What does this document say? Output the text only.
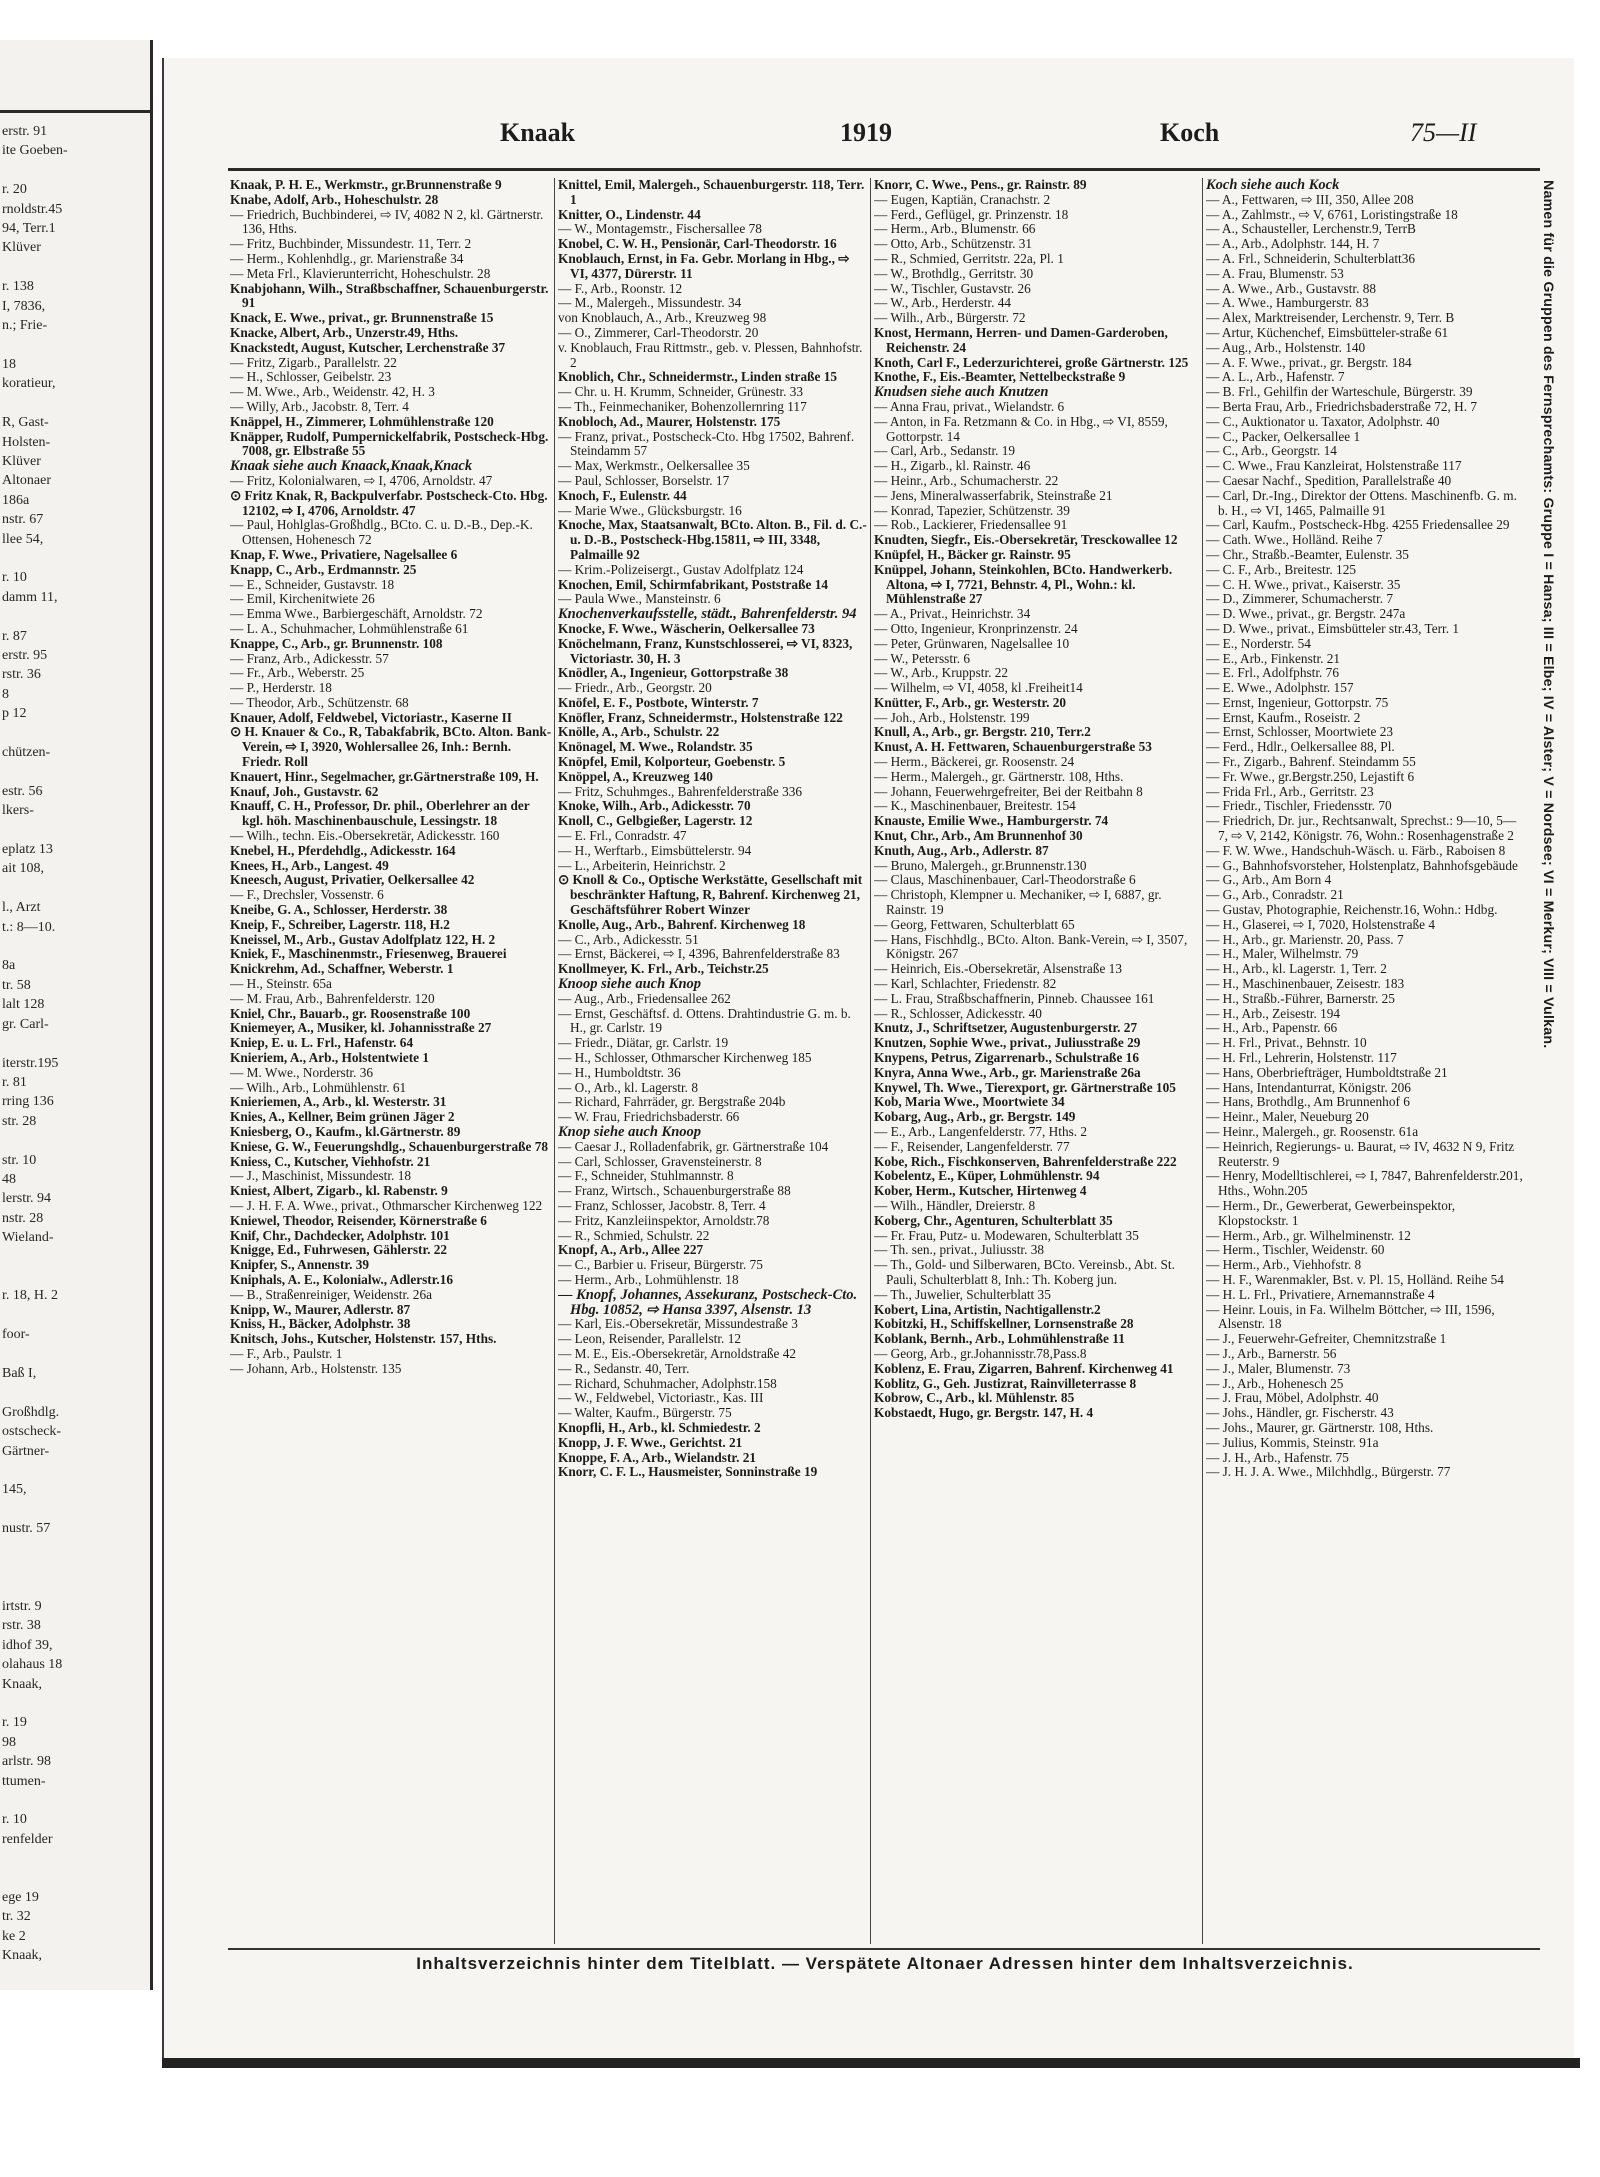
erstr. 91
ite Goeben-

r. 20
rnoldstr.45
94, Terr.1
Klüver

r. 138
I, 7836,
n.; Frie-

18
koratieur,

R, Gast-
Holsten-
Klüver
Altonaer
186a
nstr. 67
llee 54,

r. 10
damm 11,

r. 87
erstr. 95
rstr. 36
8
p 12

chützen-

estr. 56
lkers-

eplatz 13
ait 108,

l., Arzt
t.: 8—10.

8a
tr. 58
lalt 128
gr. Carl-

iterstr.195
r. 81
rring 136
str. 28

str. 10
48
lerstr. 94
nstr. 28
Wieland-

r. 18, H. 2

foor-

Baß I,

Großhdlg.
ostscheck-
Gärtner-

145,

nustr. 57

irtstr. 9
rstr. 38
idhof 39,
olahaus 18
Knaak,

r. 19
98
arlstr. 98
ttumen-

r. 10
renfelder

ege 19
tr. 32
ke 2
Knaak,
Knaak	1919	Koch	75—II

Knaak, P. H. E., Werkmstr., gr.Brunnenstraße 9

Knabe, Adolf, Arb., Hoheschulstr. 28

— Friedrich, Buchbinderei, ⇨ IV, 4082 N 2, kl. Gärtnerstr. 136, Hths.

— Fritz, Buchbinder, Missundestr. 11, Terr. 2

— Herm., Kohlenhdlg., gr. Marienstraße 34

— Meta Frl., Klavierunterricht, Hoheschulstr. 28

Knabjohann, Wilh., Straßbschaffner, Schauenburgerstr. 91

Knack, E. Wwe., privat., gr. Brunnenstraße 15

Knacke, Albert, Arb., Unzerstr.49, Hths.

Knackstedt, August, Kutscher, Lerchenstraße 37

— Fritz, Zigarb., Parallelstr. 22

— H., Schlosser, Geibelstr. 23

— M. Wwe., Arb., Weidenstr. 42, H. 3

— Willy, Arb., Jacobstr. 8, Terr. 4

Knäppel, H., Zimmerer, Lohmühlenstraße 120

Knäpper, Rudolf, Pumpernickelfabrik, Postscheck-Hbg. 7008, gr. Elbstraße 55

Knaak siehe auch Knaack,Knaak,Knack

— Fritz, Kolonialwaren, ⇨ I, 4706, Arnoldstr. 47

⊙ Fritz Knak, R, Backpulverfabr. Postscheck-Cto. Hbg. 12102, ⇨ I, 4706, Arnoldstr. 47

— Paul, Hohlglas-Großhdlg., BCto. C. u. D.-B., Dep.-K. Ottensen, Hohenesch 72

Knap, F. Wwe., Privatiere, Nagelsallee 6

Knapp, C., Arb., Erdmannstr. 25

— E., Schneider, Gustavstr. 18

— Emil, Kirchenitwiete 26

— Emma Wwe., Barbiergeschäft, Arnoldstr. 72

— L. A., Schuhmacher, Lohmühlenstraße 61

Knappe, C., Arb., gr. Brunnenstr. 108

— Franz, Arb., Adickesstr. 57

— Fr., Arb., Weberstr. 25

— P., Herderstr. 18

— Theodor, Arb., Schützenstr. 68

Knauer, Adolf, Feldwebel, Victoriastr., Kaserne II

⊙ H. Knauer & Co., R, Tabakfabrik, BCto. Alton. Bank-Verein, ⇨ I, 3920, Wohlersallee 26, Inh.: Bernh. Friedr. Roll

Knauert, Hinr., Segelmacher, gr.Gärtnerstraße 109, H.

Knauf, Joh., Gustavstr. 62

Knauff, C. H., Professor, Dr. phil., Oberlehrer an der kgl. höh. Maschinenbauschule, Lessingstr. 18

— Wilh., techn. Eis.-Obersekretär, Adickesstr. 160

Knebel, H., Pferdehdlg., Adickesstr. 164

Knees, H., Arb., Langest. 49

Kneesch, August, Privatier, Oelkersallee 42

— F., Drechsler, Vossenstr. 6

Kneibe, G. A., Schlosser, Herderstr. 38

Kneip, F., Schreiber, Lagerstr. 118, H.2

Kneissel, M., Arb., Gustav Adolfplatz 122, H. 2

Kniek, F., Maschinenmstr., Friesenweg, Brauerei

Knickrehm, Ad., Schaffner, Weberstr. 1

— H., Steinstr. 65a

— M. Frau, Arb., Bahrenfelderstr. 120

Kniel, Chr., Bauarb., gr. Roosenstraße 100

Kniemeyer, A., Musiker, kl. Johannisstraße 27

Kniep, E. u. L. Frl., Hafenstr. 64

Knieriem, A., Arb., Holstentwiete 1

— M. Wwe., Norderstr. 36

— Wilh., Arb., Lohmühlenstr. 61

Knieriemen, A., Arb., kl. Westerstr. 31

Knies, A., Kellner, Beim grünen Jäger 2

Kniesberg, O., Kaufm., kl.Gärtnerstr. 89

Kniese, G. W., Feuerungshdlg., Schauenburgerstraße 78

Kniess, C., Kutscher, Viehhofstr. 21

— J., Maschinist, Missundestr. 18

Kniest, Albert, Zigarb., kl. Rabenstr. 9

— J. H. F. A. Wwe., privat., Othmarscher Kirchenweg 122

Kniewel, Theodor, Reisender, Körnerstraße 6

Knif, Chr., Dachdecker, Adolphstr. 101

Knigge, Ed., Fuhrwesen, Gählerstr. 22

Knipfer, S., Annenstr. 39

Kniphals, A. E., Kolonialw., Adlerstr.16

— B., Straßenreiniger, Weidenstr. 26a

Knipp, W., Maurer, Adlerstr. 87

Kniss, H., Bäcker, Adolphstr. 38

Knitsch, Johs., Kutscher, Holstenstr. 157, Hths.

— F., Arb., Paulstr. 1

— Johann, Arb., Holstenstr. 135

Knittel, Emil, Malergeh., Schauenburgerstr. 118, Terr. 1

Knitter, O., Lindenstr. 44

— W., Montagemstr., Fischersallee 78

Knobel, C. W. H., Pensionär, Carl-Theodorstr. 16

Knoblauch, Ernst, in Fa. Gebr. Morlang in Hbg., ⇨ VI, 4377, Dürerstr. 11

— F., Arb., Roonstr. 12

— M., Malergeh., Missundestr. 34

von Knoblauch, A., Arb., Kreuzweg 98

— O., Zimmerer, Carl-Theodorstr. 20

v. Knoblauch, Frau Rittmstr., geb. v. Plessen, Bahnhofstr. 2

Knoblich, Chr., Schneidermstr., Linden straße 15

— Chr. u. H. Krumm, Schneider, Grünestr. 33

— Th., Feinmechaniker, Bohenzollernring 117

Knobloch, Ad., Maurer, Holstenstr. 175

— Franz, privat., Postscheck-Cto. Hbg 17502, Bahrenf. Steindamm 57

— Max, Werkmstr., Oelkersallee 35

— Paul, Schlosser, Borselstr. 17

Knoch, F., Eulenstr. 44

— Marie Wwe., Glücksburgstr. 16

Knoche, Max, Staatsanwalt, BCto. Alton. B., Fil. d. C.- u. D.-B., Postscheck-Hbg.15811, ⇨ III, 3348, Palmaille 92

— Krim.-Polizeisergt., Gustav Adolfplatz 124

Knochen, Emil, Schirmfabrikant, Poststraße 14

— Paula Wwe., Mansteinstr. 6

Knochenverkaufsstelle, städt., Bahrenfelderstr. 94

Knocke, F. Wwe., Wäscherin, Oelkersallee 73

Knöchelmann, Franz, Kunstschlosserei, ⇨ VI, 8323, Victoriastr. 30, H. 3

Knödler, A., Ingenieur, Gottorpstraße 38

— Friedr., Arb., Georgstr. 20

Knöfel, E. F., Postbote, Winterstr. 7

Knöfler, Franz, Schneidermstr., Holstenstraße 122

Knölle, A., Arb., Schulstr. 22

Knönagel, M. Wwe., Rolandstr. 35

Knöpfel, Emil, Kolporteur, Goebenstr. 5

Knöppel, A., Kreuzweg 140

— Fritz, Schuhmges., Bahrenfelderstraße 336

Knoke, Wilh., Arb., Adickesstr. 70

Knoll, C., Gelbgießer, Lagerstr. 12

— E. Frl., Conradstr. 47

— H., Werftarb., Eimsbüttelerstr. 94

— L., Arbeiterin, Heinrichstr. 2

⊙ Knoll & Co., Optische Werkstätte, Gesellschaft mit beschränkter Haftung, R, Bahrenf. Kirchenweg 21, Geschäftsführer Robert Winzer

Knolle, Aug., Arb., Bahrenf. Kirchenweg 18

— C., Arb., Adickesstr. 51

— Ernst, Bäckerei, ⇨ I, 4396, Bahrenfelderstraße 83

Knollmeyer, K. Frl., Arb., Teichstr.25

Knoop siehe auch Knop

— Aug., Arb., Friedensallee 262

— Ernst, Geschäftsf. d. Ottens. Drahtindustrie G. m. b. H., gr. Carlstr. 19

— Friedr., Diätar, gr. Carlstr. 19

— H., Schlosser, Othmarscher Kirchenweg 185

— H., Humboldtstr. 36

— O., Arb., kl. Lagerstr. 8

— Richard, Fahrräder, gr. Bergstraße 204b

— W. Frau, Friedrichsbaderstr. 66

Knop siehe auch Knoop

— Caesar J., Rolladenfabrik, gr. Gärtnerstraße 104

— Carl, Schlosser, Gravensteinerstr. 8

— F., Schneider, Stuhlmannstr. 8

— Franz, Wirtsch., Schauenburgerstraße 88

— Franz, Schlosser, Jacobstr. 8, Terr. 4

— Fritz, Kanzleiinspektor, Arnoldstr.78

— R., Schmied, Schulstr. 22

Knopf, A., Arb., Allee 227

— C., Barbier u. Friseur, Bürgerstr. 75

— Herm., Arb., Lohmühlenstr. 18

— Knopf, Johannes, Assekuranz, Postscheck-Cto. Hbg. 10852, ⇨ Hansa 3397, Alsenstr. 13

— Karl, Eis.-Obersekretär, Missundestraße 3

— Leon, Reisender, Parallelstr. 12

— M. E., Eis.-Obersekretär, Arnoldstraße 42

— R., Sedanstr. 40, Terr.

— Richard, Schuhmacher, Adolphstr.158

— W., Feldwebel, Victoriastr., Kas. III

— Walter, Kaufm., Bürgerstr. 75

Knopfli, H., Arb., kl. Schmiedestr. 2

Knopp, J. F. Wwe., Gerichtst. 21

Knoppe, F. A., Arb., Wielandstr. 21

Knorr, C. F. L., Hausmeister, Sonninstraße 19

Knorr, C. Wwe., Pens., gr. Rainstr. 89

— Eugen, Kaptiän, Cranachstr. 2

— Ferd., Geflügel, gr. Prinzenstr. 18

— Herm., Arb., Blumenstr. 66

— Otto, Arb., Schützenstr. 31

— R., Schmied, Gerritstr. 22a, Pl. 1

— W., Brothdlg., Gerritstr. 30

— W., Tischler, Gustavstr. 26

— W., Arb., Herderstr. 44

— Wilh., Arb., Bürgerstr. 72

Knost, Hermann, Herren- und Damen-Garderoben, Reichenstr. 24

Knoth, Carl F., Lederzurichterei, große Gärtnerstr. 125

Knothe, F., Eis.-Beamter, Nettelbeckstraße 9

Knudsen siehe auch Knutzen

— Anna Frau, privat., Wielandstr. 6

— Anton, in Fa. Retzmann & Co. in Hbg., ⇨ VI, 8559, Gottorpstr. 14

— Carl, Arb., Sedanstr. 19

— H., Zigarb., kl. Rainstr. 46

— Heinr., Arb., Schumacherstr. 22

— Jens, Mineralwasserfabrik, Steinstraße 21

— Konrad, Tapezier, Schützenstr. 39

— Rob., Lackierer, Friedensallee 91

Knudten, Siegfr., Eis.-Obersekretär, Tresckowallee 12

Knüpfel, H., Bäcker gr. Rainstr. 95

Knüppel, Johann, Steinkohlen, BCto. Handwerkerb. Altona, ⇨ I, 7721, Behnstr. 4, Pl., Wohn.: kl. Mühlenstraße 27

— A., Privat., Heinrichstr. 34

— Otto, Ingenieur, Kronprinzenstr. 24

— Peter, Grünwaren, Nagelsallee 10

— W., Petersstr. 6

— W., Arb., Kruppstr. 22

— Wilhelm, ⇨ VI, 4058, kl .Freiheit14

Knütter, F., Arb., gr. Westerstr. 20

— Joh., Arb., Holstenstr. 199

Knull, A., Arb., gr. Bergstr. 210, Terr.2

Knust, A. H. Fettwaren, Schauenburgerstraße 53

— Herm., Bäckerei, gr. Roosenstr. 24

— Herm., Malergeh., gr. Gärtnerstr. 108, Hths.

— Johann, Feuerwehrgefreiter, Bei der Reitbahn 8

— K., Maschinenbauer, Breitestr. 154

Knauste, Emilie Wwe., Hamburgerstr. 74

Knut, Chr., Arb., Am Brunnenhof 30

Knuth, Aug., Arb., Adlerstr. 87

— Bruno, Malergeh., gr.Brunnenstr.130

— Claus, Maschinenbauer, Carl-Theodorstraße 6

— Christoph, Klempner u. Mechaniker, ⇨ I, 6887, gr. Rainstr. 19

— Georg, Fettwaren, Schulterblatt 65

— Hans, Fischhdlg., BCto. Alton. Bank-Verein, ⇨ I, 3507, Königstr. 267

— Heinrich, Eis.-Obersekretär, Alsenstraße 13

— Karl, Schlachter, Friedenstr. 82

— L. Frau, Straßbschaffnerin, Pinneb. Chaussee 161

— R., Schlosser, Adickesstr. 40

Knutz, J., Schriftsetzer, Augustenburgerstr. 27

Knutzen, Sophie Wwe., privat., Juliusstraße 29

Knypens, Petrus, Zigarrenarb., Schulstraße 16

Knyra, Anna Wwe., Arb., gr. Marienstraße 26a

Knywel, Th. Wwe., Tierexport, gr. Gärtnerstraße 105

Kob, Maria Wwe., Moortwiete 34

Kobarg, Aug., Arb., gr. Bergstr. 149

— E., Arb., Langenfelderstr. 77, Hths. 2

— F., Reisender, Langenfelderstr. 77

Kobe, Rich., Fischkonserven, Bahrenfelderstraße 222

Kobelentz, E., Küper, Lohmühlenstr. 94

Kober, Herm., Kutscher, Hirtenweg 4

— Wilh., Händler, Dreierstr. 8

Koberg, Chr., Agenturen, Schulterblatt 35

— Fr. Frau, Putz- u. Modewaren, Schulterblatt 35

— Th. sen., privat., Juliusstr. 38

— Th., Gold- und Silberwaren, BCto. Vereinsb., Abt. St. Pauli, Schulterblatt 8, Inh.: Th. Koberg jun.

— Th., Juwelier, Schulterblatt 35

Kobert, Lina, Artistin, Nachtigallenstr.2

Kobitzki, H., Schiffskellner, Lornsenstraße 28

Koblank, Bernh., Arb., Lohmühlenstraße 11

— Georg, Arb., gr.Johannisstr.78,Pass.8

Koblenz, E. Frau, Zigarren, Bahrenf. Kirchenweg 41

Koblitz, G., Geh. Justizrat, Rainvilleterrasse 8

Kobrow, C., Arb., kl. Mühlenstr. 85

Kobstaedt, Hugo, gr. Bergstr. 147, H. 4

Koch siehe auch Kock

— A., Fettwaren, ⇨ III, 350, Allee 208

— A., Zahlmstr., ⇨ V, 6761, Loristingstraße 18

— A., Schausteller, Lerchenstr.9, TerrB

— A., Arb., Adolphstr. 144, H. 7

— A. Frl., Schneiderin, Schulterblatt36

— A. Frau, Blumenstr. 53

— A. Wwe., Arb., Gustavstr. 88

— A. Wwe., Hamburgerstr. 83

— Alex, Marktreisender, Lerchenstr. 9, Terr. B

— Artur, Küchenchef, Eimsbütteler-straße 61

— Aug., Arb., Holstenstr. 140

— A. F. Wwe., privat., gr. Bergstr. 184

— A. L., Arb., Hafenstr. 7

— B. Frl., Gehilfin der Warteschule, Bürgerstr. 39

— Berta Frau, Arb., Friedrichsbaderstraße 72, H. 7

— C., Auktionator u. Taxator, Adolphstr. 40

— C., Packer, Oelkersallee 1

— C., Arb., Georgstr. 14

— C. Wwe., Frau Kanzleirat, Holstenstraße 117

— Caesar Nachf., Spedition, Parallelstraße 40

— Carl, Dr.-Ing., Direktor der Ottens. Maschinenfb. G. m. b. H., ⇨ VI, 1465, Palmaille 91

— Carl, Kaufm., Postscheck-Hbg. 4255 Friedensallee 29

— Cath. Wwe., Holländ. Reihe 7

— Chr., Straßb.-Beamter, Eulenstr. 35

— C. F., Arb., Breitestr. 125

— C. H. Wwe., privat., Kaiserstr. 35

— D., Zimmerer, Schumacherstr. 7

— D. Wwe., privat., gr. Bergstr. 247a

— D. Wwe., privat., Eimsbütteler str.43, Terr. 1

— E., Norderstr. 54

— E., Arb., Finkenstr. 21

— E. Frl., Adolfphstr. 76

— E. Wwe., Adolphstr. 157

— Ernst, Ingenieur, Gottorpstr. 75

— Ernst, Kaufm., Roseistr. 2

— Ernst, Schlosser, Moortwiete 23

— Ferd., Hdlr., Oelkersallee 88, Pl.

— Fr., Zigarb., Bahrenf. Steindamm 55

— Fr. Wwe., gr.Bergstr.250, Lejastift 6

— Frida Frl., Arb., Gerritstr. 23

— Friedr., Tischler, Friedensstr. 70

— Friedrich, Dr. jur., Rechtsanwalt, Sprechst.: 9—10, 5—7, ⇨ V, 2142, Königstr. 76, Wohn.: Rosenhagenstraße 2

— F. W. Wwe., Handschuh-Wäsch. u. Färb., Raboisen 8

— G., Bahnhofsvorsteher, Holstenplatz, Bahnhofsgebäude

— G., Arb., Am Born 4

— G., Arb., Conradstr. 21

— Gustav, Photographie, Reichenstr.16, Wohn.: Hdbg.

— H., Glaserei, ⇨ I, 7020, Holstenstraße 4

— H., Arb., gr. Marienstr. 20, Pass. 7

— H., Maler, Wilhelmstr. 79

— H., Arb., kl. Lagerstr. 1, Terr. 2

— H., Maschinenbauer, Zeisestr. 183

— H., Straßb.-Führer, Barnerstr. 25

— H., Arb., Zeisestr. 194

— H., Arb., Papenstr. 66

— H. Frl., Privat., Behnstr. 10

— H. Frl., Lehrerin, Holstenstr. 117

— Hans, Oberbriefträger, Humboldtstraße 21

— Hans, Intendanturrat, Königstr. 206

— Hans, Brothdlg., Am Brunnenhof 6

— Heinr., Maler, Neueburg 20

— Heinr., Malergeh., gr. Roosenstr. 61a

— Heinrich, Regierungs- u. Baurat, ⇨ IV, 4632 N 9, Fritz Reuterstr. 9

— Henry, Modelltischlerei, ⇨ I, 7847, Bahrenfelderstr.201, Hths., Wohn.205

— Herm., Dr., Gewerberat, Gewerbeinspektor, Klopstockstr. 1

— Herm., Arb., gr. Wilhelminenstr. 12

— Herm., Tischler, Weidenstr. 60

— Herm., Arb., Viehhofstr. 8

— H. F., Warenmakler, Bst. v. Pl. 15, Holländ. Reihe 54

— H. L. Frl., Privatiere, Arnemannstraße 4

— Heinr. Louis, in Fa. Wilhelm Böttcher, ⇨ III, 1596, Alsenstr. 18

— J., Feuerwehr-Gefreiter, Chemnitzstraße 1

— J., Arb., Barnerstr. 56

— J., Maler, Blumenstr. 73

— J., Arb., Hohenesch 25

— J. Frau, Möbel, Adolphstr. 40

— Johs., Händler, gr. Fischerstr. 43

— Johs., Maurer, gr. Gärtnerstr. 108, Hths.

— Julius, Kommis, Steinstr. 91a

— J. H., Arb., Hafenstr. 75

— J. H. J. A. Wwe., Milchhdlg., Bürgerstr. 77

Namen für die Gruppen des Fernsprechamts: Gruppe I = Hansa; III = Elbe; IV = Alster; V = Nordsee; VI = Merkur; VIII = Vulkan.
Inhaltsverzeichnis hinter dem Titelblatt. — Verspätete Altonaer Adressen hinter dem Inhaltsverzeichnis.
